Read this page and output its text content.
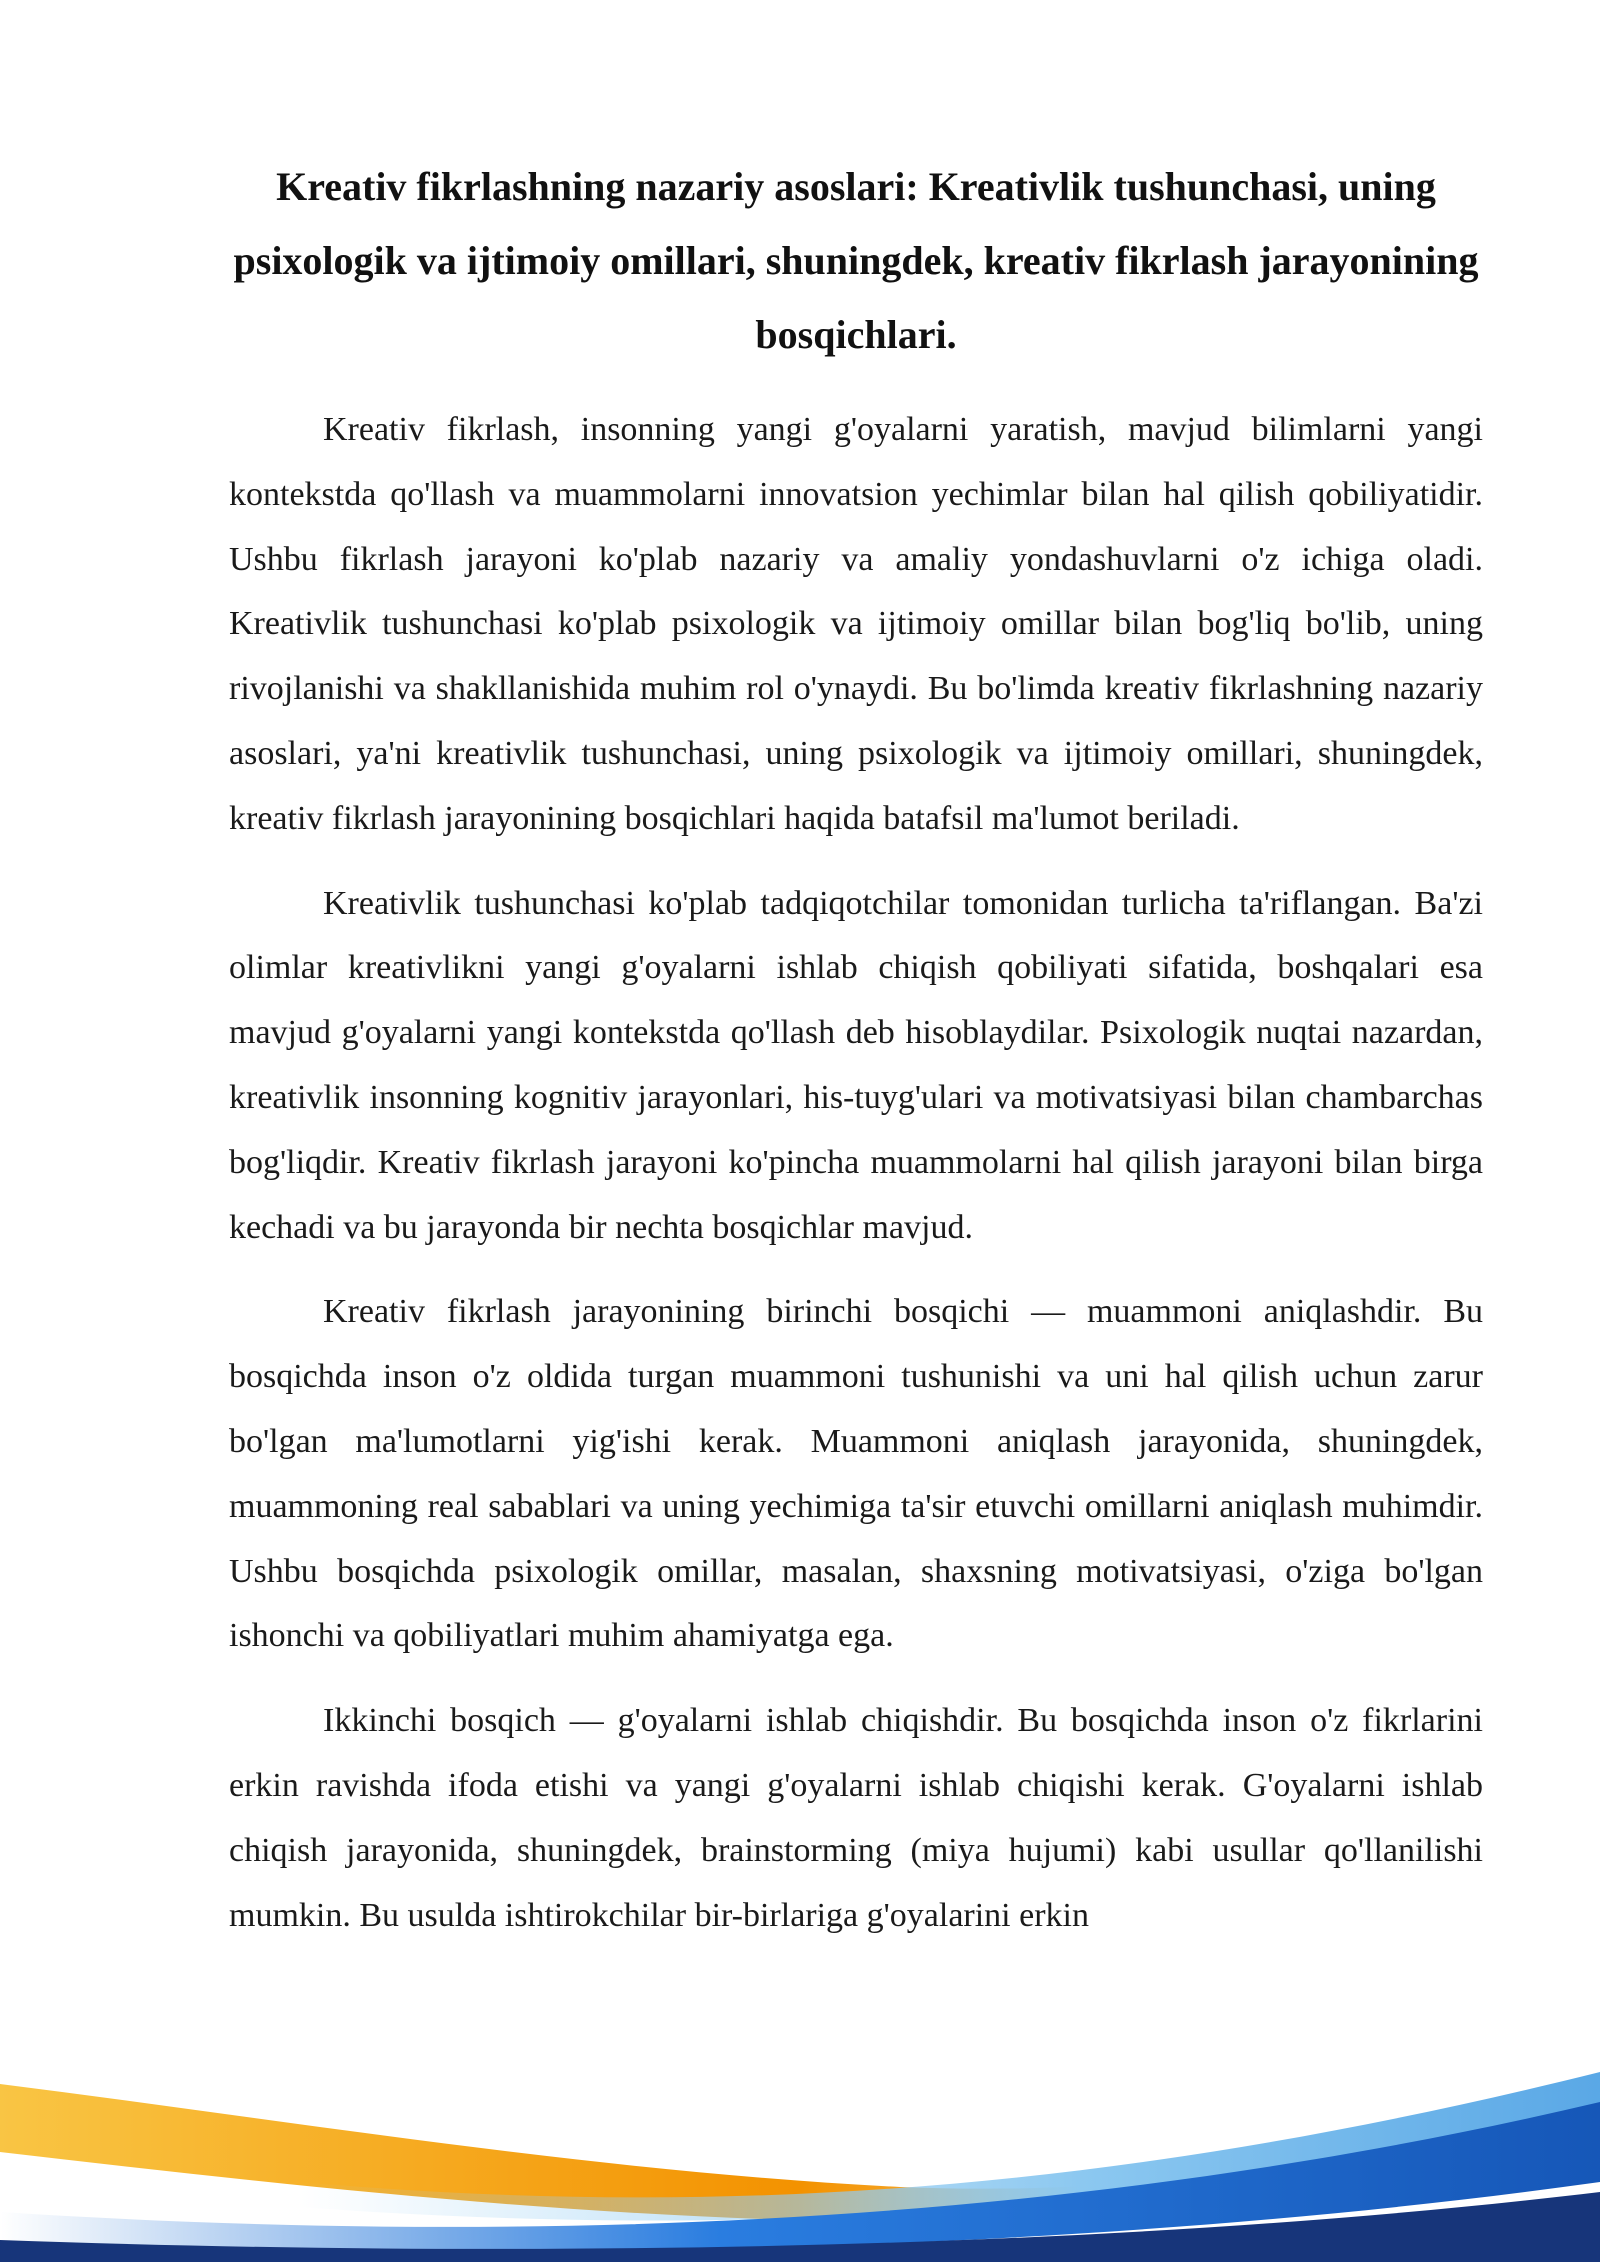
Kreativ fikrlashning nazariy asoslari: Kreativlik tushunchasi, uning psixologik va ijtimoiy omillari, shuningdek, kreativ fikrlash jarayonining bosqichlari.

Kreativ fikrlash, insonning yangi g'oyalarni yaratish, mavjud bilimlarni yangi kontekstda qo'llash va muammolarni innovatsion yechimlar bilan hal qilish qobiliyatidir. Ushbu fikrlash jarayoni ko'plab nazariy va amaliy yondashuvlarni o'z ichiga oladi. Kreativlik tushunchasi ko'plab psixologik va ijtimoiy omillar bilan bog'liq bo'lib, uning rivojlanishi va shakllanishida muhim rol o'ynaydi. Bu bo'limda kreativ fikrlashning nazariy asoslari, ya'ni kreativlik tushunchasi, uning psixologik va ijtimoiy omillari, shuningdek, kreativ fikrlash jarayonining bosqichlari haqida batafsil ma'lumot beriladi.

Kreativlik tushunchasi ko'plab tadqiqotchilar tomonidan turlicha ta'riflangan. Ba'zi olimlar kreativlikni yangi g'oyalarni ishlab chiqish qobiliyati sifatida, boshqalari esa mavjud g'oyalarni yangi kontekstda qo'llash deb hisoblaydilar. Psixologik nuqtai nazardan, kreativlik insonning kognitiv jarayonlari, his-tuyg'ulari va motivatsiyasi bilan chambarchas bog'liqdir. Kreativ fikrlash jarayoni ko'pincha muammolarni hal qilish jarayoni bilan birga kechadi va bu jarayonda bir nechta bosqichlar mavjud.

Kreativ fikrlash jarayonining birinchi bosqichi — muammoni aniqlashdir. Bu bosqichda inson o'z oldida turgan muammoni tushunishi va uni hal qilish uchun zarur bo'lgan ma'lumotlarni yig'ishi kerak. Muammoni aniqlash jarayonida, shuningdek, muammoning real sabablari va uning yechimiga ta'sir etuvchi omillarni aniqlash muhimdir. Ushbu bosqichda psixologik omillar, masalan, shaxsning motivatsiyasi, o'ziga bo'lgan ishonchi va qobiliyatlari muhim ahamiyatga ega.

Ikkinchi bosqich — g'oyalarni ishlab chiqishdir. Bu bosqichda inson o'z fikrlarini erkin ravishda ifoda etishi va yangi g'oyalarni ishlab chiqishi kerak. G'oyalarni ishlab chiqish jarayonida, shuningdek, brainstorming (miya hujumi) kabi usullar qo'llanilishi mumkin. Bu usulda ishtirokchilar bir-birlariga g'oyalarini erkin
